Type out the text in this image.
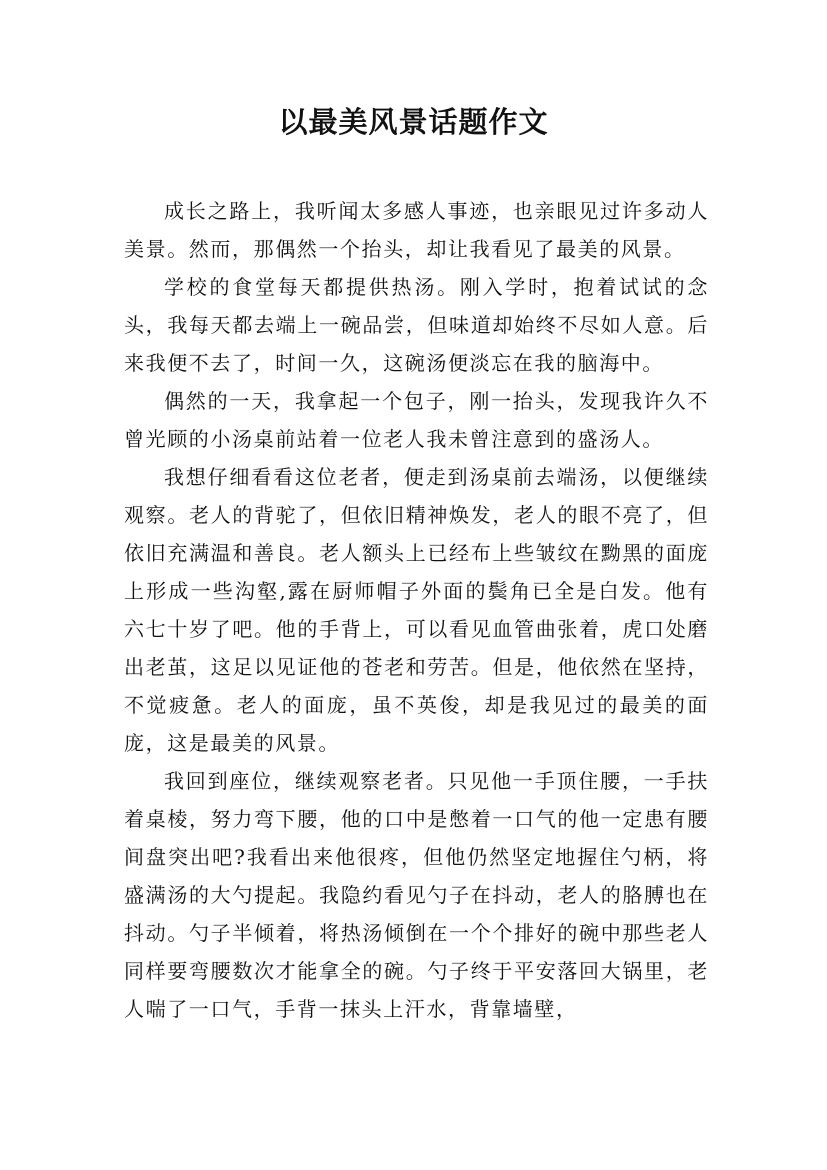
以最美风景话题作文

成长之路上，我听闻太多感人事迹，也亲眼见过许多动人美景。然而，那偶然一个抬头，却让我看见了最美的风景。

学校的食堂每天都提供热汤。刚入学时，抱着试试的念头，我每天都去端上一碗品尝，但味道却始终不尽如人意。后来我便不去了，时间一久，这碗汤便淡忘在我的脑海中。

偶然的一天，我拿起一个包子，刚一抬头，发现我许久不曾光顾的小汤桌前站着一位老人我未曾注意到的盛汤人。

我想仔细看看这位老者，便走到汤桌前去端汤，以便继续观察。老人的背驼了，但依旧精神焕发，老人的眼不亮了，但依旧充满温和善良。老人额头上已经布上些皱纹在黝黑的面庞上形成一些沟壑,露在厨师帽子外面的鬓角已全是白发。他有六七十岁了吧。他的手背上，可以看见血管曲张着，虎口处磨出老茧，这足以见证他的苍老和劳苦。但是，他依然在坚持，不觉疲惫。老人的面庞，虽不英俊，却是我见过的最美的面庞，这是最美的风景。

我回到座位，继续观察老者。只见他一手顶住腰，一手扶着桌棱，努力弯下腰，他的口中是憋着一口气的他一定患有腰间盘突出吧?我看出来他很疼，但他仍然坚定地握住勺柄，将盛满汤的大勺提起。我隐约看见勺子在抖动，老人的胳膊也在抖动。勺子半倾着，将热汤倾倒在一个个排好的碗中那些老人同样要弯腰数次才能拿全的碗。勺子终于平安落回大锅里，老人喘了一口气，手背一抹头上汗水，背靠墙壁，
